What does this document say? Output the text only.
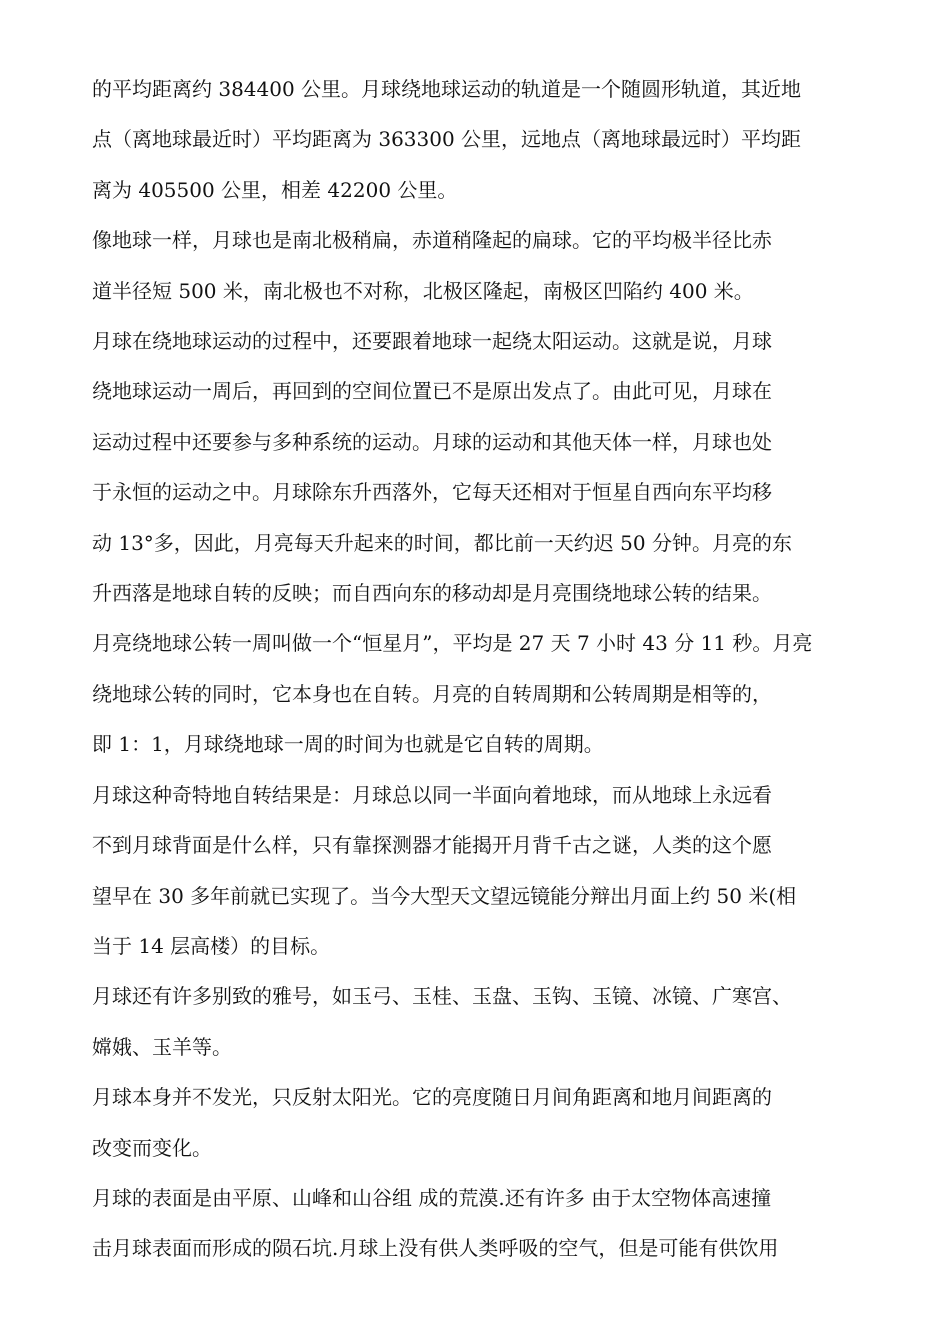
的平均距离约 384400 公里。月球绕地球运动的轨道是一个随圆形轨道，其近地
点（离地球最近时）平均距离为 363300 公里，远地点（离地球最远时）平均距
离为 405500 公里，相差 42200 公里。

像地球一样，月球也是南北极稍扁，赤道稍隆起的扁球。它的平均极半径比赤
道半径短 500 米，南北极也不对称，北极区隆起，南极区凹陷约 400 米。

月球在绕地球运动的过程中，还要跟着地球一起绕太阳运动。这就是说，月球
绕地球运动一周后，再回到的空间位置已不是原出发点了。由此可见，月球在
运动过程中还要参与多种系统的运动。月球的运动和其他天体一样，月球也处
于永恒的运动之中。月球除东升西落外，它每天还相对于恒星自西向东平均移
动 13°多，因此，月亮每天升起来的时间，都比前一天约迟 50 分钟。月亮的东
升西落是地球自转的反映；而自西向东的移动却是月亮围绕地球公转的结果。

月亮绕地球公转一周叫做一个“恒星月”，平均是 27 天 7 小时 43 分 11 秒。月亮
绕地球公转的同时，它本身也在自转。月亮的自转周期和公转周期是相等的，
即 1：1，月球绕地球一周的时间为也就是它自转的周期。

月球这种奇特地自转结果是：月球总以同一半面向着地球，而从地球上永远看
不到月球背面是什么样，只有靠探测器才能揭开月背千古之谜，人类的这个愿
望早在 30 多年前就已实现了。当今大型天文望远镜能分辩出月面上约 50 米(相
当于 14 层高楼）的目标。

月球还有许多别致的雅号，如玉弓、玉桂、玉盘、玉钩、玉镜、冰镜、广寒宫、
嫦娥、玉羊等。

月球本身并不发光，只反射太阳光。它的亮度随日月间角距离和地月间距离的
改变而变化。

月球的表面是由平原、山峰和山谷组 成的荒漠.还有许多 由于太空物体高速撞
击月球表面而形成的陨石坑.月球上没有供人类呼吸的空气，但是可能有供饮用
